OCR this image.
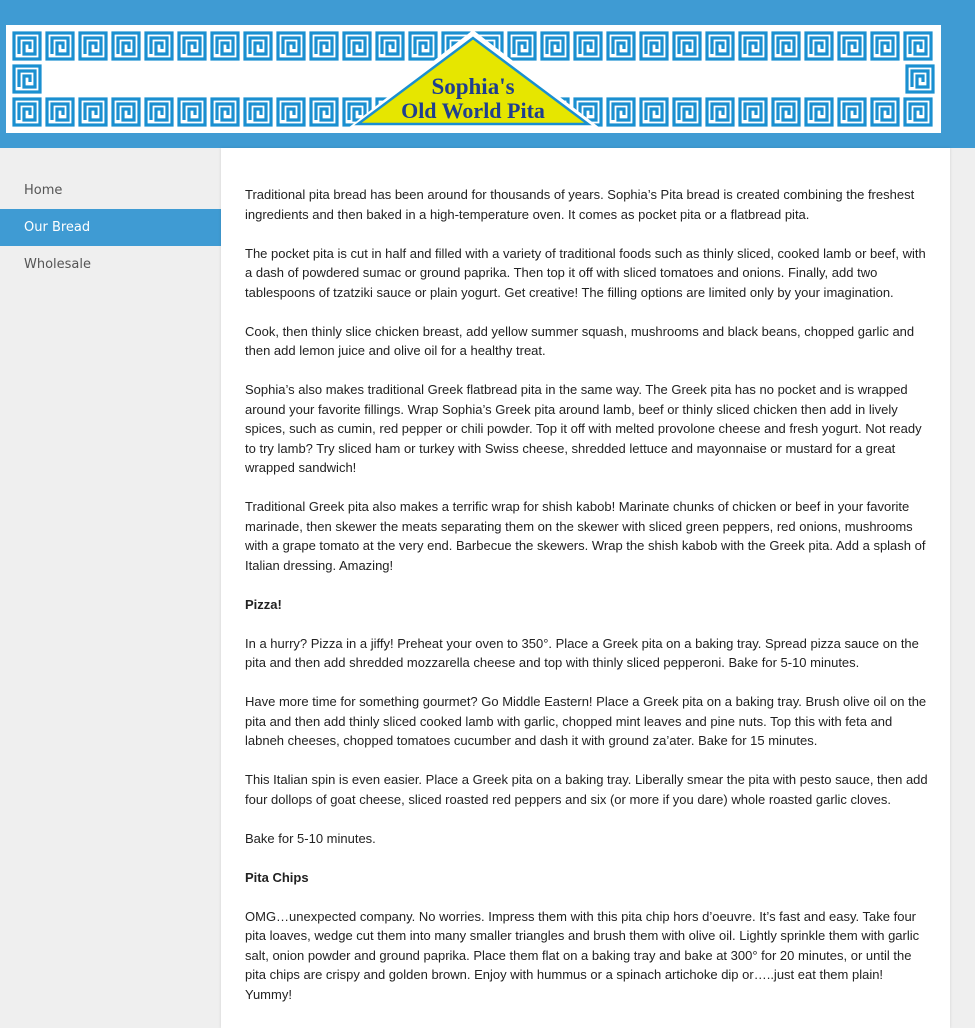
Sophia's
Old World Pita
Home
Our Bread
Wholesale

Traditional pita bread has been around for thousands of years. Sophia’s Pita bread is created combining the freshest ingredients and then baked in a high-temperature oven. It comes as pocket pita or a flatbread pita.

The pocket pita is cut in half and filled with a variety of traditional foods such as thinly sliced, cooked lamb or beef, with a dash of powdered sumac or ground paprika. Then top it off with sliced tomatoes and onions. Finally, add two tablespoons of tzatziki sauce or plain yogurt. Get creative! The filling options are limited only by your imagination.

Cook, then thinly slice chicken breast, add yellow summer squash, mushrooms and black beans, chopped garlic and then add lemon juice and olive oil for a healthy treat.

Sophia’s also makes traditional Greek flatbread pita in the same way. The Greek pita has no pocket and is wrapped around your favorite fillings. Wrap Sophia’s Greek pita around lamb, beef or thinly sliced chicken then add in lively spices, such as cumin, red pepper or chili powder. Top it off with melted provolone cheese and fresh yogurt. Not ready to try lamb? Try sliced ham or turkey with Swiss cheese, shredded lettuce and mayonnaise or mustard for a great wrapped sandwich!

Traditional Greek pita also makes a terrific wrap for shish kabob! Marinate chunks of chicken or beef in your favorite marinade, then skewer the meats separating them on the skewer with sliced green peppers, red onions, mushrooms with a grape tomato at the very end. Barbecue the skewers. Wrap the shish kabob with the Greek pita. Add a splash of Italian dressing. Amazing!

Pizza!

In a hurry? Pizza in a jiffy! Preheat your oven to 350°. Place a Greek pita on a baking tray. Spread pizza sauce on the pita and then add shredded mozzarella cheese and top with thinly sliced pepperoni. Bake for 5-10 minutes.

Have more time for something gourmet? Go Middle Eastern! Place a Greek pita on a baking tray. Brush olive oil on the pita and then add thinly sliced cooked lamb with garlic, chopped mint leaves and pine nuts. Top this with feta and labneh cheeses, chopped tomatoes cucumber and dash it with ground za’ater. Bake for 15 minutes.

This Italian spin is even easier. Place a Greek pita on a baking tray. Liberally smear the pita with pesto sauce, then add four dollops of goat cheese, sliced roasted red peppers and six (or more if you dare) whole roasted garlic cloves.

Bake for 5-10 minutes.

Pita Chips

OMG…unexpected company. No worries. Impress them with this pita chip hors d’oeuvre. It’s fast and easy. Take four pita loaves, wedge cut them into many smaller triangles and brush them with olive oil. Lightly sprinkle them with garlic salt, onion powder and ground paprika. Place them flat on a baking tray and bake at 300° for 20 minutes, or until the pita chips are crispy and golden brown. Enjoy with hummus or a spinach artichoke dip or…..just eat them plain! Yummy!
